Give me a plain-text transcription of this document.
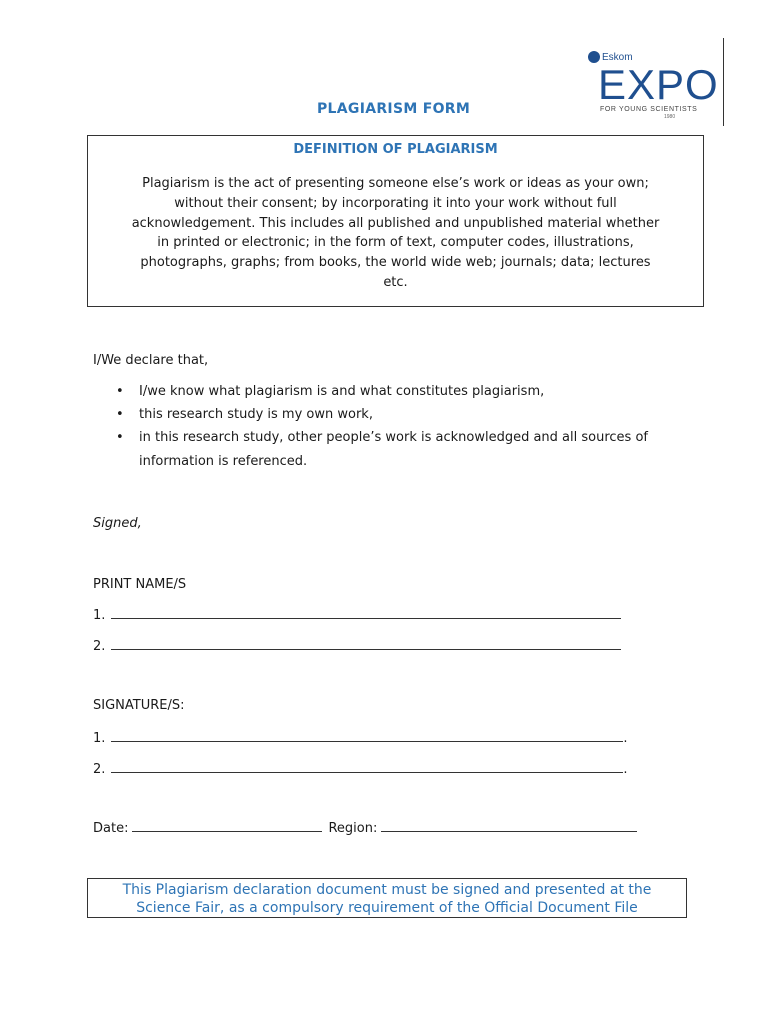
Eskom
EXPO
FOR YOUNG SCIENTISTS
1980
PLAGIARISM FORM
DEFINITION OF PLAGIARISM
Plagiarism is the act of presenting someone else’s work or ideas as your own;
without their consent; by incorporating it into your work without full
acknowledgement. This includes all published and unpublished material whether
in printed or electronic; in the form of text, computer codes, illustrations,
photographs, graphs; from books, the world wide web; journals; data; lectures
etc.
I/We declare that,
• I/we know what plagiarism is and what constitutes plagiarism,
• this research study is my own work,
• in this research study, other people’s work is acknowledged and all sources of
information is referenced.
Signed,
PRINT NAME/S
1.
2.
SIGNATURE/S:
1.	.
2.	.
Date:	Region:
This Plagiarism declaration document must be signed and presented at the
Science Fair, as a compulsory requirement of the Official Document File
